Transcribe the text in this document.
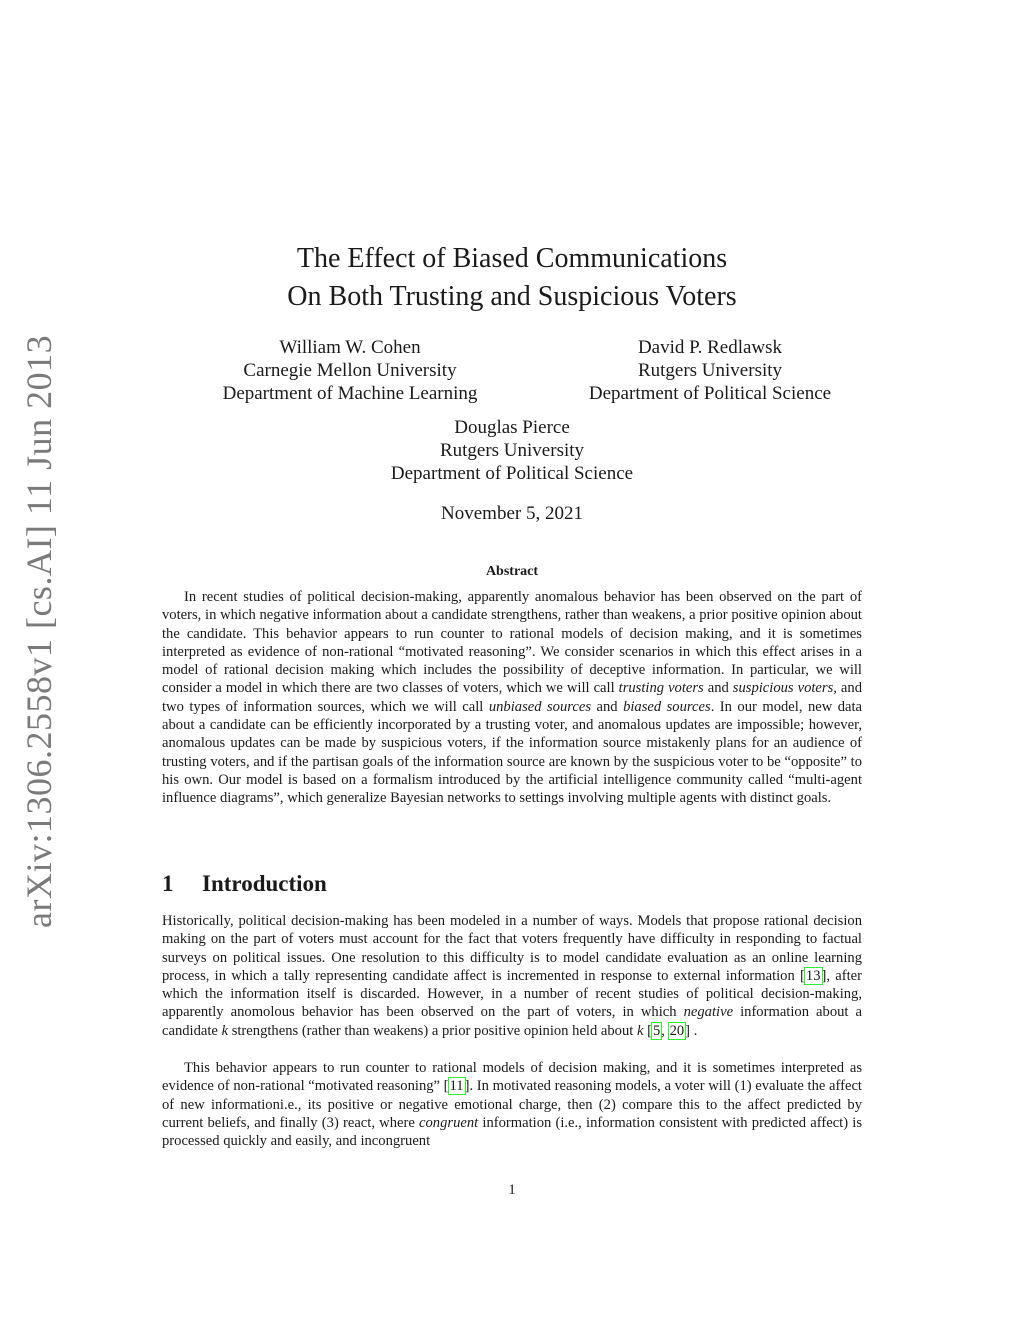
arXiv:1306.2558v1 [cs.AI] 11 Jun 2013
The Effect of Biased Communications
On Both Trusting and Suspicious Voters
William W. Cohen
Carnegie Mellon University
Department of Machine Learning
David P. Redlawsk
Rutgers University
Department of Political Science
Douglas Pierce
Rutgers University
Department of Political Science
November 5, 2021
Abstract

In recent studies of political decision-making, apparently anomalous behavior has been observed on the part of voters, in which negative information about a candidate strengthens, rather than weakens, a prior positive opinion about the candidate. This behavior appears to run counter to rational models of decision making, and it is sometimes interpreted as evidence of non-rational “motivated reasoning”. We consider scenarios in which this effect arises in a model of rational decision making which includes the possibility of deceptive information. In particular, we will consider a model in which there are two classes of voters, which we will call trusting voters and suspicious voters, and two types of information sources, which we will call unbiased sources and biased sources. In our model, new data about a candidate can be efficiently incorporated by a trusting voter, and anomalous updates are impossible; however, anomalous updates can be made by suspicious voters, if the information source mistakenly plans for an audience of trusting voters, and if the partisan goals of the information source are known by the suspicious voter to be “opposite” to his own. Our model is based on a formalism introduced by the artificial intelligence community called “multi-agent influence diagrams”, which generalize Bayesian networks to settings involving multiple agents with distinct goals.

1 Introduction

Historically, political decision-making has been modeled in a number of ways. Models that propose rational decision making on the part of voters must account for the fact that voters frequently have difficulty in responding to factual surveys on political issues. One resolution to this difficulty is to model candidate evaluation as an online learning process, in which a tally representing candidate affect is incremented in response to external information [13], after which the information itself is discarded. However, in a number of recent studies of political decision-making, apparently anomolous behavior has been observed on the part of voters, in which negative information about a candidate k strengthens (rather than weakens) a prior positive opinion held about k [5, 20] .

This behavior appears to run counter to rational models of decision making, and it is sometimes interpreted as evidence of non-rational “motivated reasoning” [11]. In motivated reasoning models, a voter will (1) evaluate the affect of new informationi.e., its positive or negative emotional charge, then (2) compare this to the affect predicted by current beliefs, and finally (3) react, where congruent information (i.e., information consistent with predicted affect) is processed quickly and easily, and incongruent

1
